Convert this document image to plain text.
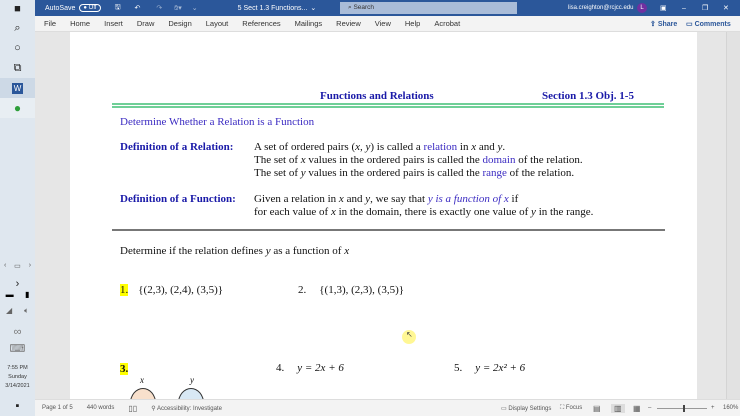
■
⌕
○
⧉
W
●
‹ ▭ ›
›
▬ ▮
◢ 🔈︎
∞
⌨︎
7:55 PM
Sunday
3/14/2021
▪
AutoSave	● Off	🖫︎ ↶ ↷ ✋︎▾ ⌄	5 Sect 1.3 Functions... ⌄	⌕ Search	lisa.creighton@rcjcc.edu	L	▣ – ❐ ✕
File	Home	Insert	Draw	Design	Layout	References	Mailings	Review	View	Help	Acrobat	⇪ Share ▭ Comments
Functions and Relations	Section 1.3 Obj. 1-5
Determine Whether a Relation is a Function
Definition of a Relation: A set of ordered pairs (x, y) is called a relation in x and y.
The set of x values in the ordered pairs is called the domain of the relation.
The set of y values in the ordered pairs is called the range of the relation.
Definition of a Function: Given a relation in x and y, we say that y is a function of x if
for each value of x in the domain, there is exactly one value of y in the range.
Determine if the relation defines y as a function of x
1. {(2,3), (2,4), (3,5)}	2. {(1,3), (2,3), (3,5)}
↖
3.
x	y
4. y = 2x + 6	5. y = 2x² + 6
Page 1 of 5 440 words ▯▯ ⚲ Accessibility: Investigate	▭ Display Settings ⛶ Focus ▤	▥	▦ –	+ 160%
